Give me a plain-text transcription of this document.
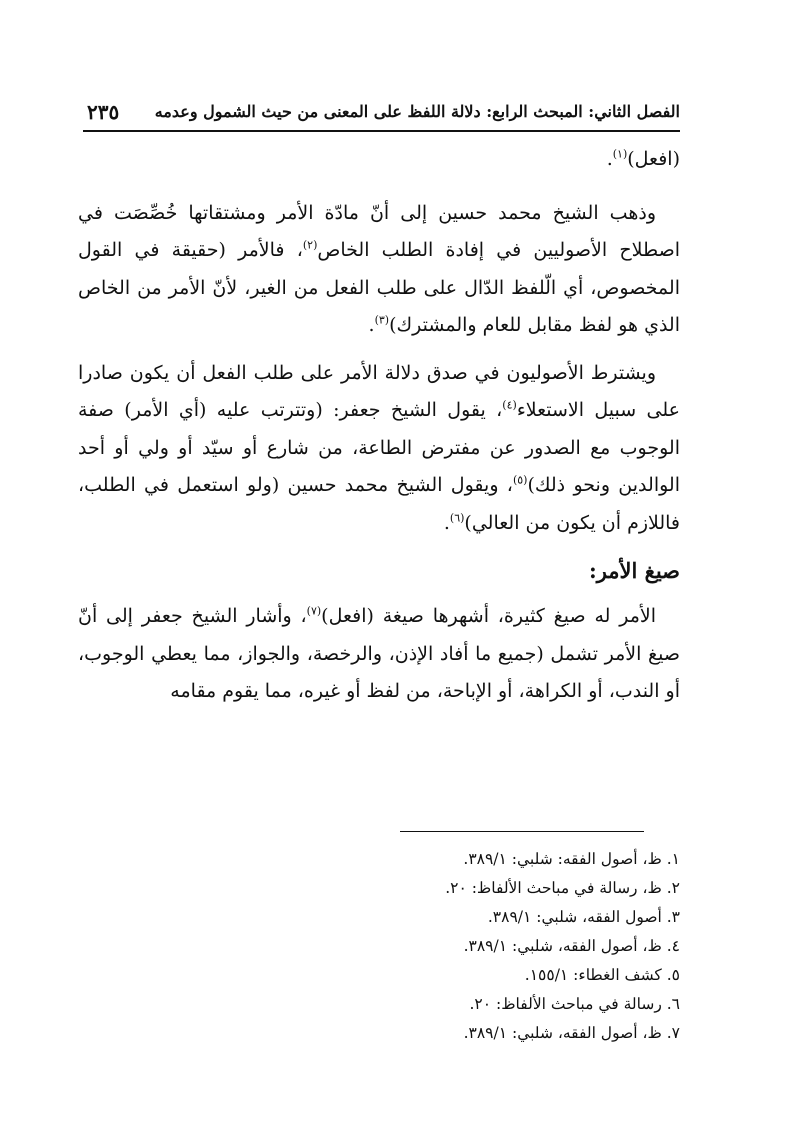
الفصل الثاني: المبحث الرابع: دلالة اللفظ على المعنى من حيث الشمول وعدمه
٢٣٥

(افعل)$^{(١)}$.

وذهب الشيخ محمد حسين إلى أنّ مادّة الأمر ومشتقاتها خُصِّصَت في اصطلاح الأصوليين في إفادة الطلب الخاص$^{(٢)}$، فالأمر (حقيقة في القول المخصوص، أي الّلفظ الدّال على طلب الفعل من الغير، لأنّ الأمر من الخاص الذي هو لفظ مقابل للعام والمشترك)$^{(٣)}$.

ويشترط الأصوليون في صدق دلالة الأمر على طلب الفعل أن يكون صادرا على سبيل الاستعلاء$^{(٤)}$، يقول الشيخ جعفر: (وتترتب عليه (أي الأمر) صفة الوجوب مع الصدور عن مفترض الطاعة، من شارع أو سيّد أو ولي أو أحد الوالدين ونحو ذلك)$^{(٥)}$، ويقول الشيخ محمد حسين (ولو استعمل في الطلب، فاللازم أن يكون من العالي)$^{(٦)}$.

صيغ الأمر:

الأمر له صيغ كثيرة، أشهرها صيغة (افعل)$^{(٧)}$، وأشار الشيخ جعفر إلى أنّ صيغ الأمر تشمل (جميع ما أفاد الإذن، والرخصة، والجواز، مما يعطي الوجوب، أو الندب، أو الكراهة، أو الإباحة، من لفظ أو غيره، مما يقوم مقامه

١. ظ، أصول الفقه: شلبي: ٣٨٩/١.

٢. ظ، رسالة في مباحث الألفاظ: ٢٠.

٣. أصول الفقه، شلبي: ٣٨٩/١.

٤. ظ، أصول الفقه، شلبي: ٣٨٩/١.

٥. كشف الغطاء: ١٥٥/١.

٦. رسالة في مباحث الألفاظ: ٢٠.

٧. ظ، أصول الفقه، شلبي: ٣٨٩/١.
